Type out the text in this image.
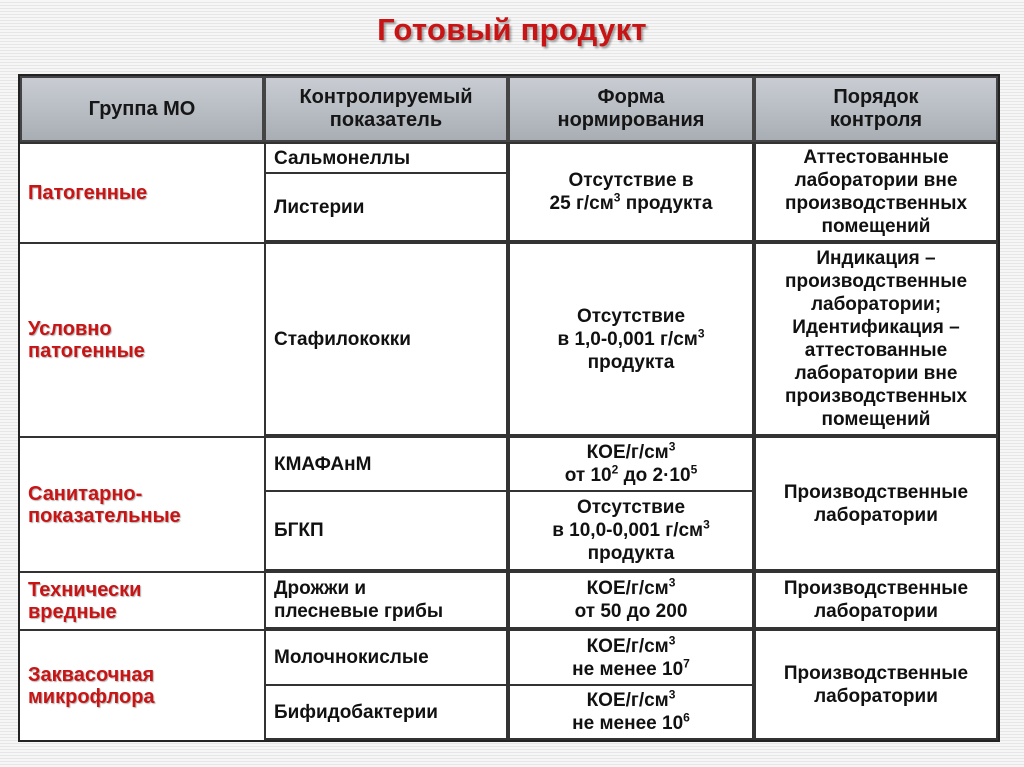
Готовый продукт
Группа МО
Контролируемый
показатель
Форма
нормирования
Порядок
контроля
Патогенные
Условно
патогенные
Санитарно-
показательные
Технически
вредные
Заквасочная
микрофлора
Сальмонеллы
Листерии
Стафилококки
КМАФАнМ
БГКП
Дрожжи и
плесневые грибы
Молочнокислые
Бифидобактерии
Отсутствие в
25 $г/см^3$ продукта
Отсутствие
в 1,0-0,001 $г/см^3$
продукта
КОЕ/$г/см^3$
от $10^2$ до $2\cdot 10^5$
Отсутствие
в 10,0-0,001 $г/см^3$
продукта
КОЕ/$г/см^3$
от 50 до 200
КОЕ/$г/см^3$
не менее $10^7$
КОЕ/$г/см^3$
не менее $10^6$
Аттестованные
лаборатории вне
производственных
помещений
Индикация –
производственные
лаборатории;
Идентификация –
аттестованные
лаборатории вне
производственных
помещений
Производственные
лаборатории
Производственные
лаборатории
Производственные
лаборатории
